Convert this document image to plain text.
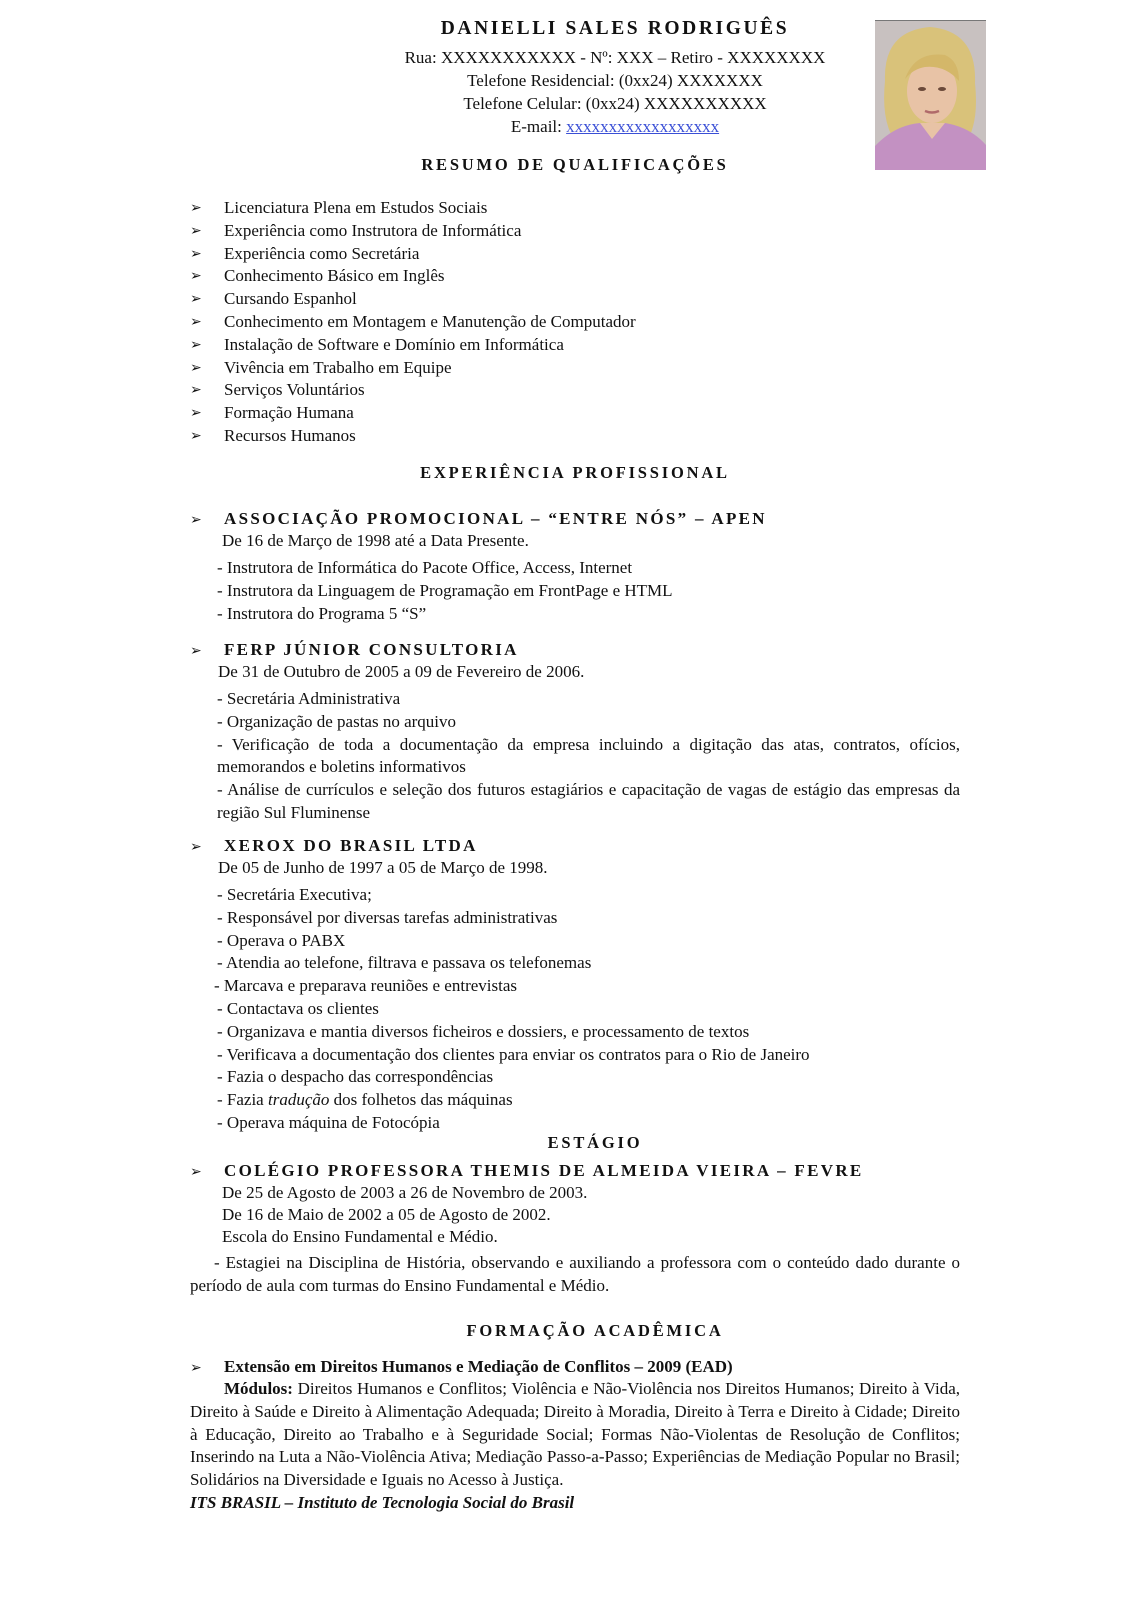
DANIELLI SALES RODRIGUÊS
Rua: XXXXXXXXXXX - Nº: XXX – Retiro - XXXXXXXX
Telefone Residencial: (0xx24) XXXXXXX
Telefone Celular: (0xx24) XXXXXXXXXX
E-mail: xxxxxxxxxxxxxxxxxx
RESUMO DE QUALIFICAÇÕES
➢ Licenciatura Plena em Estudos Sociais
➢ Experiência como Instrutora de Informática
➢ Experiência como Secretária
➢ Conhecimento Básico em Inglês
➢ Cursando Espanhol
➢ Conhecimento em Montagem e Manutenção de Computador
➢ Instalação de Software e Domínio em Informática
➢ Vivência em Trabalho em Equipe
➢ Serviços Voluntários
➢ Formação Humana
➢ Recursos Humanos
EXPERIÊNCIA PROFISSIONAL
➢ ASSOCIAÇÃO PROMOCIONAL – “ENTRE NÓS” – APEN
De 16 de Março de 1998 até a Data Presente.
- Instrutora de Informática do Pacote Office, Access, Internet
- Instrutora da Linguagem de Programação em FrontPage e HTML
- Instrutora do Programa 5 “S”
➢ FERP JÚNIOR CONSULTORIA
De 31 de Outubro de 2005 a 09 de Fevereiro de 2006.
- Secretária Administrativa
- Organização de pastas no arquivo
- Verificação de toda a documentação da empresa incluindo a digitação das atas, contratos, ofícios, memorandos e boletins informativos
- Análise de currículos e seleção dos futuros estagiários e capacitação de vagas de estágio das empresas da região Sul Fluminense
➢ XEROX DO BRASIL LTDA
De 05 de Junho de 1997 a 05 de Março de 1998.
- Secretária Executiva;
- Responsável por diversas tarefas administrativas
- Operava o PABX
- Atendia ao telefone, filtrava e passava os telefonemas
- Marcava e preparava reuniões e entrevistas
- Contactava os clientes
- Organizava e mantia diversos ficheiros e dossiers, e processamento de textos
- Verificava a documentação dos clientes para enviar os contratos para o Rio de Janeiro
- Fazia o despacho das correspondências
- Fazia tradução dos folhetos das máquinas
- Operava máquina de Fotocópia
ESTÁGIO
➢ COLÉGIO PROFESSORA THEMIS DE ALMEIDA VIEIRA – FEVRE
De 25 de Agosto de 2003 a 26 de Novembro de 2003.
De 16 de Maio de 2002 a 05 de Agosto de 2002.
Escola do Ensino Fundamental e Médio.
- Estagiei na Disciplina de História, observando e auxiliando a professora com o conteúdo dado durante o período de aula com turmas do Ensino Fundamental e Médio.
FORMAÇÃO ACADÊMICA
➢ Extensão em Direitos Humanos e Mediação de Conflitos – 2009 (EAD)
Módulos: Direitos Humanos e Conflitos; Violência e Não-Violência nos Direitos Humanos; Direito à Vida, Direito à Saúde e Direito à Alimentação Adequada; Direito à Moradia, Direito à Terra e Direito à Cidade; Direito à Educação, Direito ao Trabalho e à Seguridade Social; Formas Não-Violentas de Resolução de Conflitos; Inserindo na Luta a Não-Violência Ativa; Mediação Passo-a-Passo; Experiências de Mediação Popular no Brasil; Solidários na Diversidade e Iguais no Acesso à Justiça.
ITS BRASIL – Instituto de Tecnologia Social do Brasil
